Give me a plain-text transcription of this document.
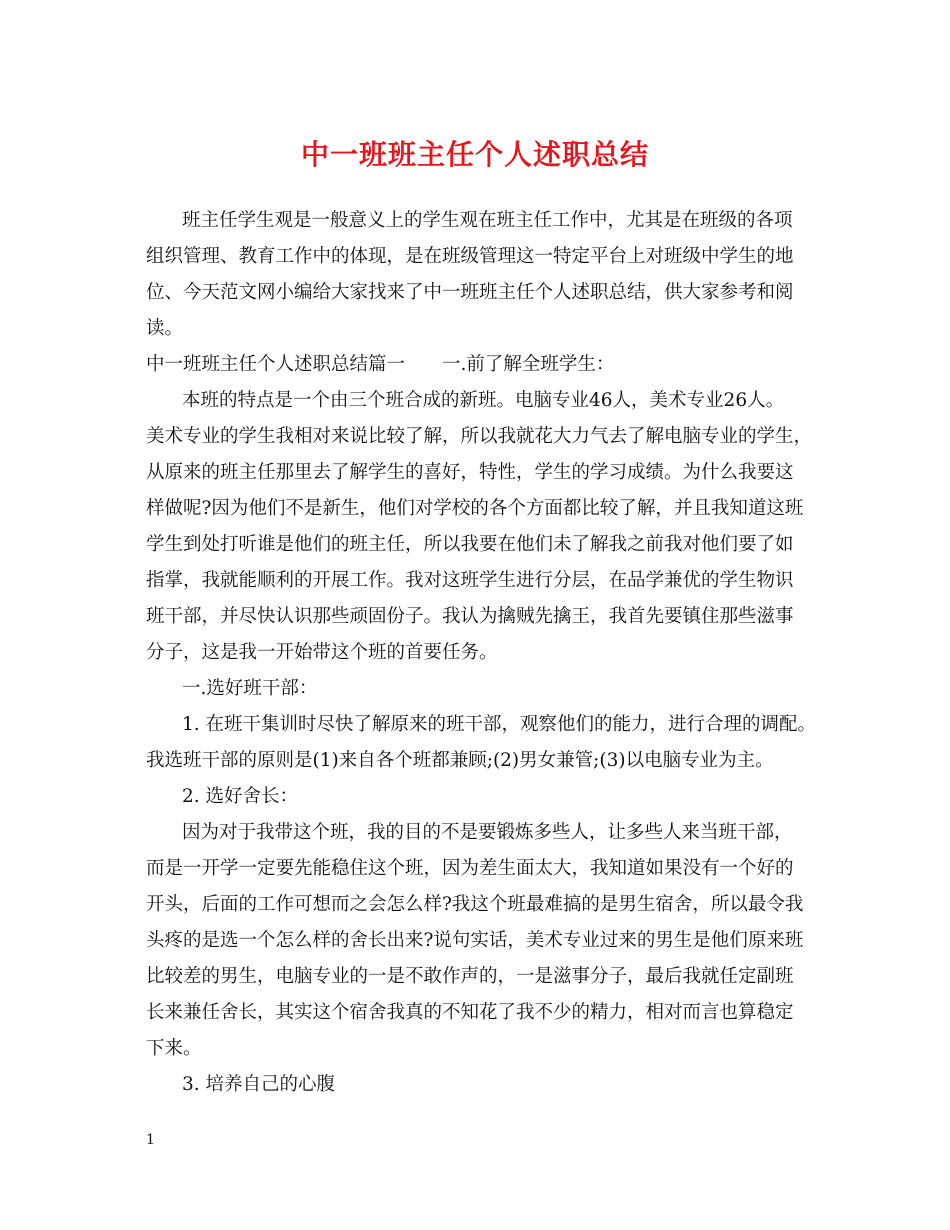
中一班班主任个人述职总结
班主任学生观是一般意义上的学生观在班主任工作中，尤其是在班级的各项
组织管理、教育工作中的体现，是在班级管理这一特定平台上对班级中学生的地
位、今天范文网小编给大家找来了中一班班主任个人述职总结，供大家参考和阅
读。
中一班班主任个人述职总结篇一　　一.前了解全班学生：
本班的特点是一个由三个班合成的新班。电脑专业46人，美术专业26人。
美术专业的学生我相对来说比较了解，所以我就花大力气去了解电脑专业的学生，
从原来的班主任那里去了解学生的喜好，特性，学生的学习成绩。为什么我要这
样做呢?因为他们不是新生，他们对学校的各个方面都比较了解，并且我知道这班
学生到处打听谁是他们的班主任，所以我要在他们未了解我之前我对他们要了如
指掌，我就能顺利的开展工作。我对这班学生进行分层，在品学兼优的学生物识
班干部，并尽快认识那些顽固份子。我认为擒贼先擒王，我首先要镇住那些滋事
分子，这是我一开始带这个班的首要任务。
一.选好班干部：
1. 在班干集训时尽快了解原来的班干部，观察他们的能力，进行合理的调配。
我选班干部的原则是(1)来自各个班都兼顾;(2)男女兼管;(3)以电脑专业为主。
2. 选好舍长：
因为对于我带这个班，我的目的不是要锻炼多些人，让多些人来当班干部，
而是一开学一定要先能稳住这个班，因为差生面太大，我知道如果没有一个好的
开头，后面的工作可想而之会怎么样?我这个班最难搞的是男生宿舍，所以最令我
头疼的是选一个怎么样的舍长出来?说句实话，美术专业过来的男生是他们原来班
比较差的男生，电脑专业的一是不敢作声的，一是滋事分子，最后我就任定副班
长来兼任舍长，其实这个宿舍我真的不知花了我不少的精力，相对而言也算稳定
下来。
3. 培养自己的心腹
1
